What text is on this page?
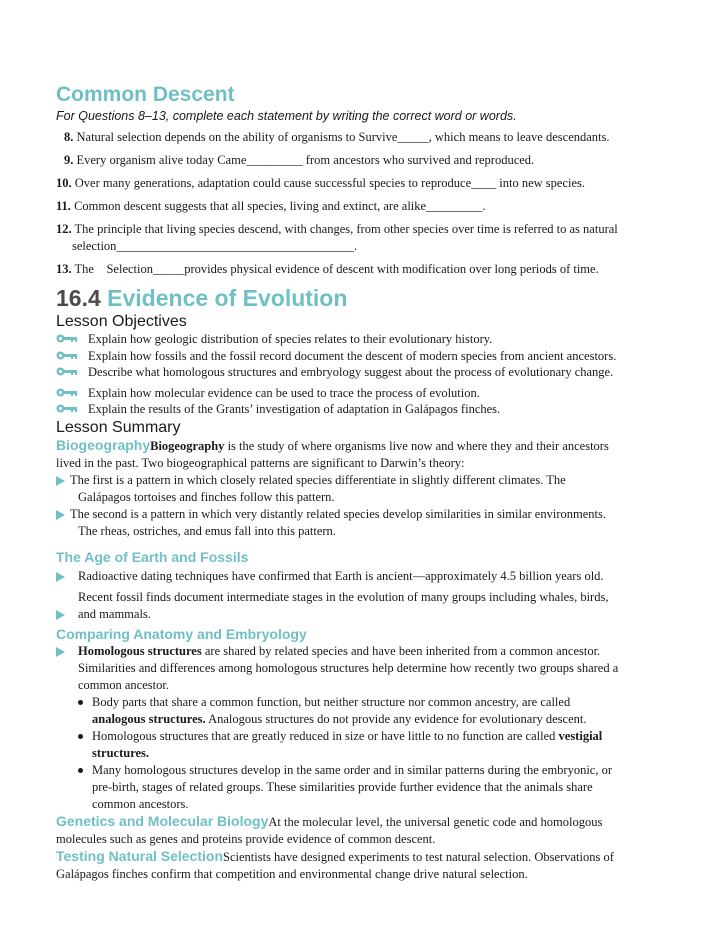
Common Descent

For Questions 8–13, complete each statement by writing the correct word or words.

8. Natural selection depends on the ability of organisms to Survive_____, which means to leave descendants.
9. Every organism alive today Came_________ from ancestors who survived and reproduced.
10. Over many generations, adaptation could cause successful species to reproduce____ into new species.
11. Common descent suggests that all species, living and extinct, are alike_________.
12. The principle that living species descend, with changes, from other species over time is referred to as natural selection______________________________________.
13. The    Selection_____provides physical evidence of descent with modification over long periods of time.
16.4 Evidence of Evolution
Lesson Objectives
Explain how geologic distribution of species relates to their evolutionary history.
Explain how fossils and the fossil record document the descent of modern species from ancient ancestors.
Describe what homologous structures and embryology suggest about the process of evolutionary change.
Explain how molecular evidence can be used to trace the process of evolution.
Explain the results of the Grants’ investigation of adaptation in Galápagos finches.
Lesson Summary

BiogeographyBiogeography is the study of where organisms live now and where they and their ancestors
lived in the past. Two biogeographical patterns are significant to Darwin’s theory:

The first is a pattern in which closely related species differentiate in slightly different climates. The
Galápagos tortoises and finches follow this pattern.
The second is a pattern in which very distantly related species develop similarities in similar environments.
The rheas, ostriches, and emus fall into this pattern.
The Age of Earth and Fossils
Radioactive dating techniques have confirmed that Earth is ancient—approximately 4.5 billion years old.
Recent fossil finds document intermediate stages in the evolution of many groups including whales, birds,

and mammals.
Comparing Anatomy and Embryology
Homologous structures are shared by related species and have been inherited from a common ancestor.
Similarities and differences among homologous structures help determine how recently two groups shared a
common ancestor.
Body parts that share a common function, but neither structure nor common ancestry, are called
analogous structures. Analogous structures do not provide any evidence for evolutionary descent.
Homologous structures that are greatly reduced in size or have little to no function are called vestigial
structures.
Many homologous structures develop in the same order and in similar patterns during the embryonic, or
pre-birth, stages of related groups. These similarities provide further evidence that the animals share
common ancestors.

Genetics and Molecular BiologyAt the molecular level, the universal genetic code and homologous
molecules such as genes and proteins provide evidence of common descent.

Testing Natural SelectionScientists have designed experiments to test natural selection. Observations of
Galápagos finches confirm that competition and environmental change drive natural selection.
